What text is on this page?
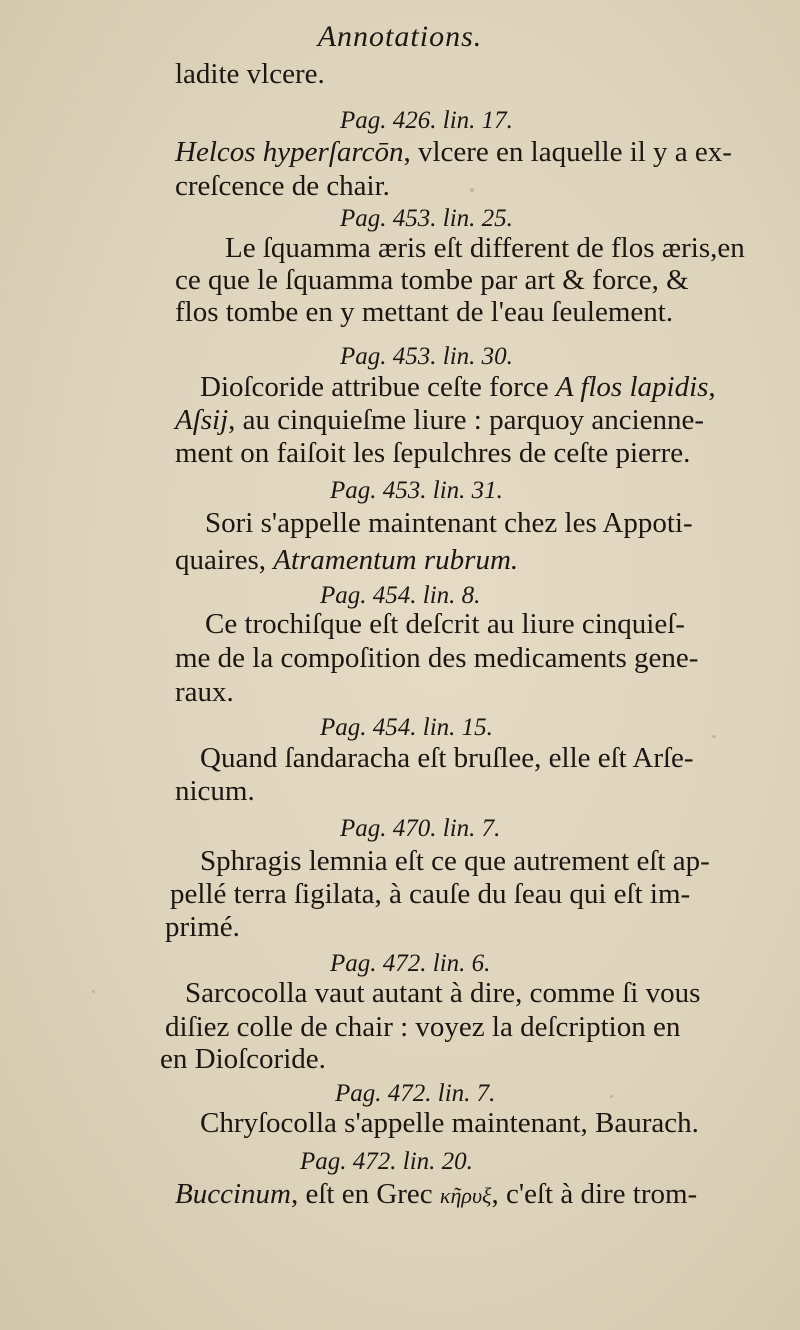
Annotations.
ladite vlcere.
Pag. 426. lin. 17.
Helcos hyperſarcōn, vlcere en laquelle il y a ex-
creſcence de chair.
Pag. 453. lin. 25.
Le ſquamma æris eſt different de flos æris,en
ce que le ſquamma tombe par art & force, &
flos tombe en y mettant de l'eau ſeulement.
Pag. 453. lin. 30.
Dioſcoride attribue ceſte force A flos lapidis,
Aſsij, au cinquieſme liure : parquoy ancienne-
ment on faiſoit les ſepulchres de ceſte pierre.
Pag. 453. lin. 31.
Sori s'appelle maintenant chez les Appoti-
quaires, Atramentum rubrum.
Pag. 454. lin. 8.
Ce trochiſque eſt deſcrit au liure cinquieſ-
me de la compoſition des medicaments gene-
raux.
Pag. 454. lin. 15.
Quand ſandaracha eſt bruſlee, elle eſt Arſe-
nicum.
Pag. 470. lin. 7.
Sphragis lemnia eſt ce que autrement eſt ap-
pellé terra ſigilata, à cauſe du ſeau qui eſt im-
primé.
Pag. 472. lin. 6.
Sarcocolla vaut autant à dire, comme ſi vous
diſiez colle de chair : voyez la deſcription en
en Dioſcoride.
Pag. 472. lin. 7.
Chryſocolla s'appelle maintenant, Baurach.
Pag. 472. lin. 20.
Buccinum, eſt en Grec κῆρυξ, c'eſt à dire trom-
